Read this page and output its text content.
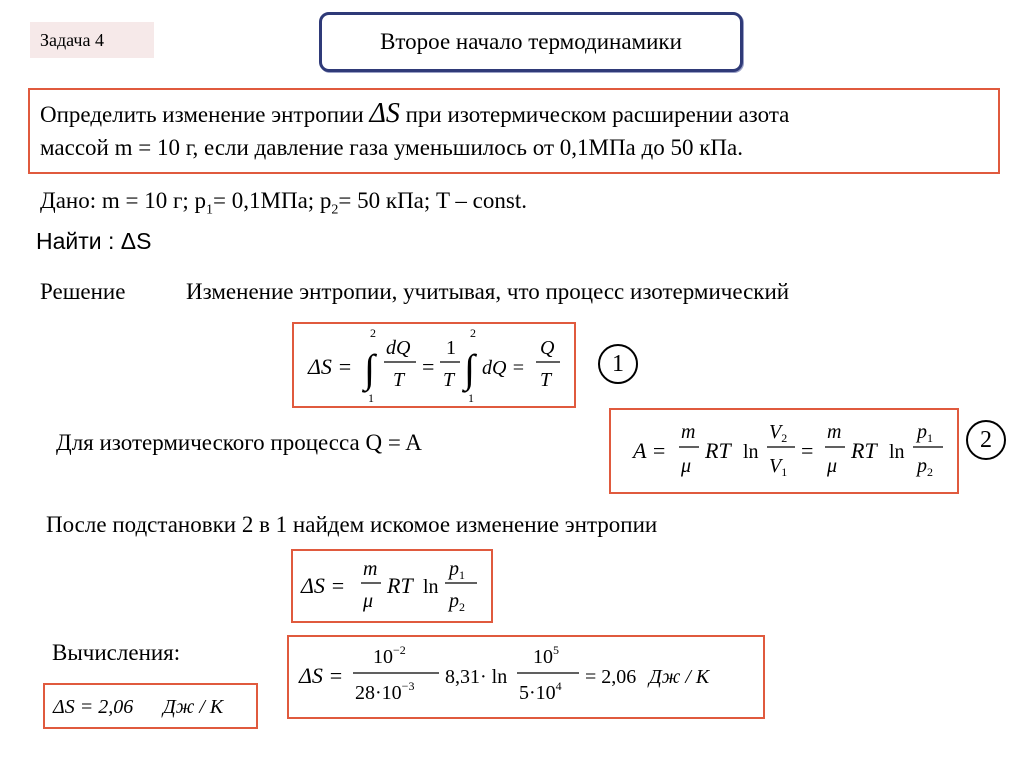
Задача 4	Второе начало термодинамики
Определить изменение энтропии ΔS при изотермическом расширении азота
массой m = 10 г, если давление газа уменьшилось от 0,1МПа до 50 кПа.
Дано: m = 10 г; $p_1= 0,1МПа$; $p_2= 50$ кПа; T – const.
Найти : ΔS
Решение	Изменение энтропии, учитывая, что процесс изотермический
ΔS =
2
∫
1
dQ
T
=
1
T
2
∫
1
dQ =
Q
T
1
Для изотермического процесса Q = A	A =
m
μ
RT ln
$V_2$
$V_1$
=
m
μ
RT ln
$p_1$
$p_2$
2
После подстановки 2 в 1 найдем искомое изменение энтропии
ΔS =
m
μ
RT ln
$p_1$
$p_2$
Вычисления:
ΔS =
$10^{-2}$
$28\cdot 10^{-3}$ 8,31· ln
$10^5$
$5\cdot 10^4 = 2,06$ Дж / К
ΔS = 2,06 Дж / К
